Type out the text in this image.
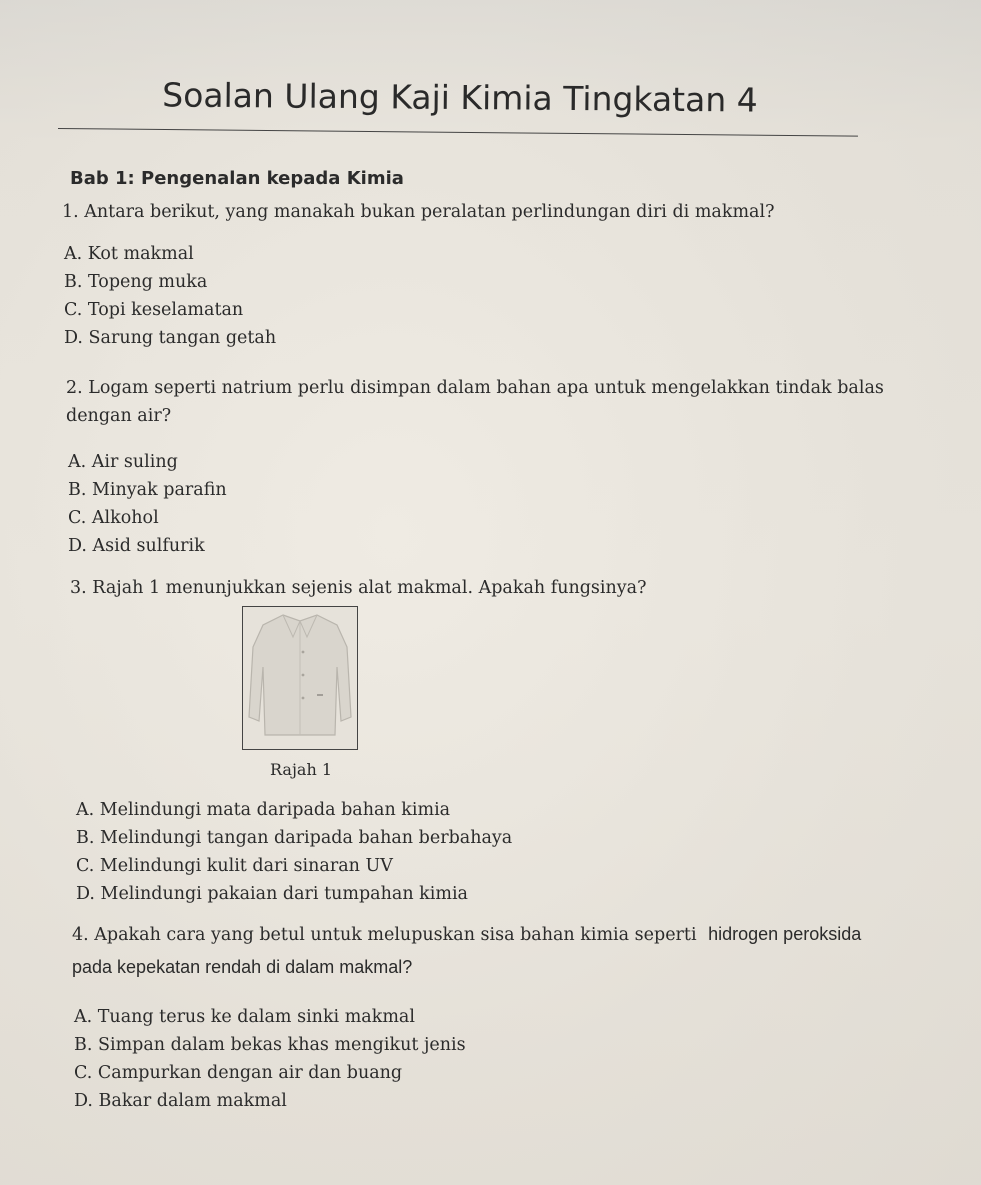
Soalan Ulang Kaji Kimia Tingkatan 4
Bab 1: Pengenalan kepada Kimia
1. Antara berikut, yang manakah bukan peralatan perlindungan diri di makmal?
A. Kot makmal
B. Topeng muka
C. Topi keselamatan
D. Sarung tangan getah
2. Logam seperti natrium perlu disimpan dalam bahan apa untuk mengelakkan tindak balas
dengan air?
A. Air suling
B. Minyak parafin
C. Alkohol
D. Asid sulfurik
3. Rajah 1 menunjukkan sejenis alat makmal. Apakah fungsinya?
Rajah 1
A. Melindungi mata daripada bahan kimia
B. Melindungi tangan daripada bahan berbahaya
C. Melindungi kulit dari sinaran UV
D. Melindungi pakaian dari tumpahan kimia
4. Apakah cara yang betul untuk melupuskan sisa bahan kimia seperti hidrogen peroksida
pada kepekatan rendah di dalam makmal?
A. Tuang terus ke dalam sinki makmal
B. Simpan dalam bekas khas mengikut jenis
C. Campurkan dengan air dan buang
D. Bakar dalam makmal
